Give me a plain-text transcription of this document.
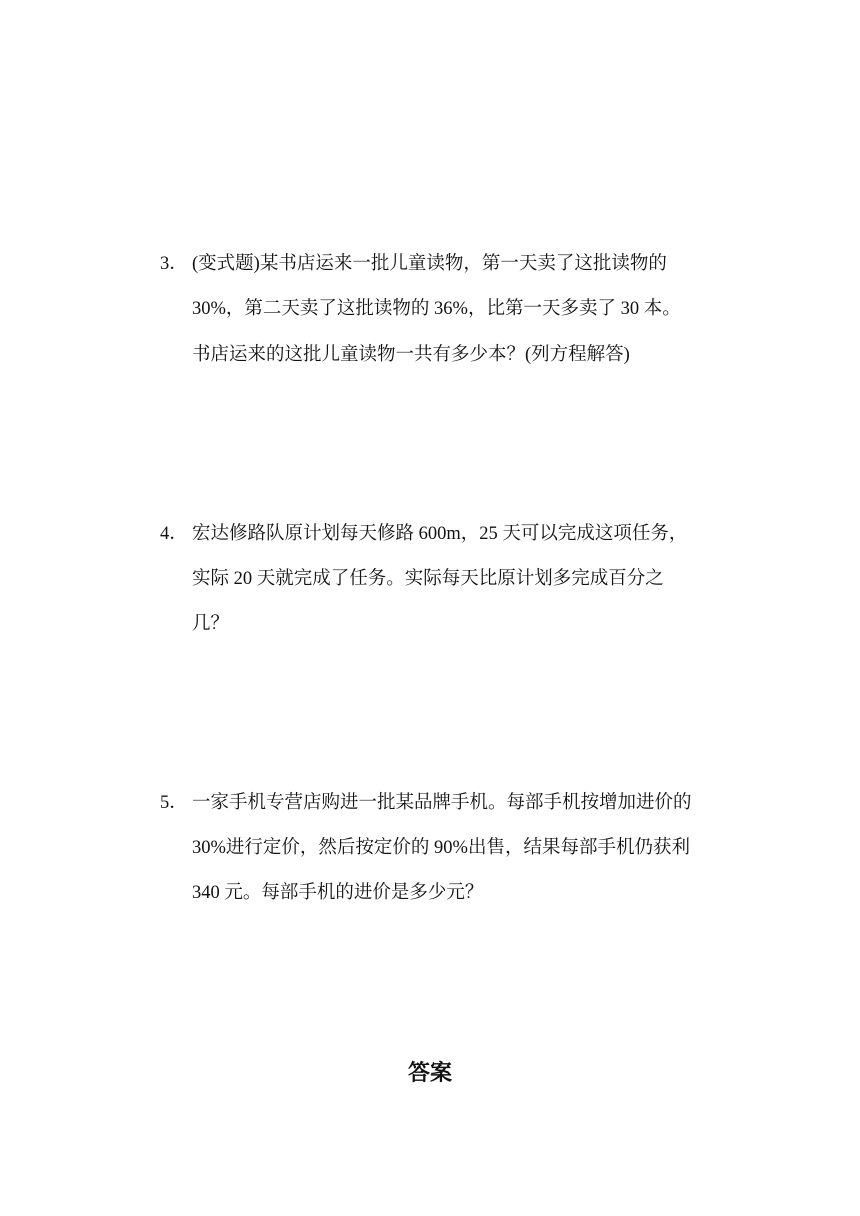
3． (变式题)某书店运来一批儿童读物，第一天卖了这批读物的
30%，第二天卖了这批读物的 36%，比第一天多卖了 30 本。
书店运来的这批儿童读物一共有多少本？(列方程解答)
4． 宏达修路队原计划每天修路 600m，25 天可以完成这项任务，
实际 20 天就完成了任务。实际每天比原计划多完成百分之
几？
5． 一家手机专营店购进一批某品牌手机。每部手机按增加进价的
30%进行定价，然后按定价的 90%出售，结果每部手机仍获利
340 元。每部手机的进价是多少元？
答案
